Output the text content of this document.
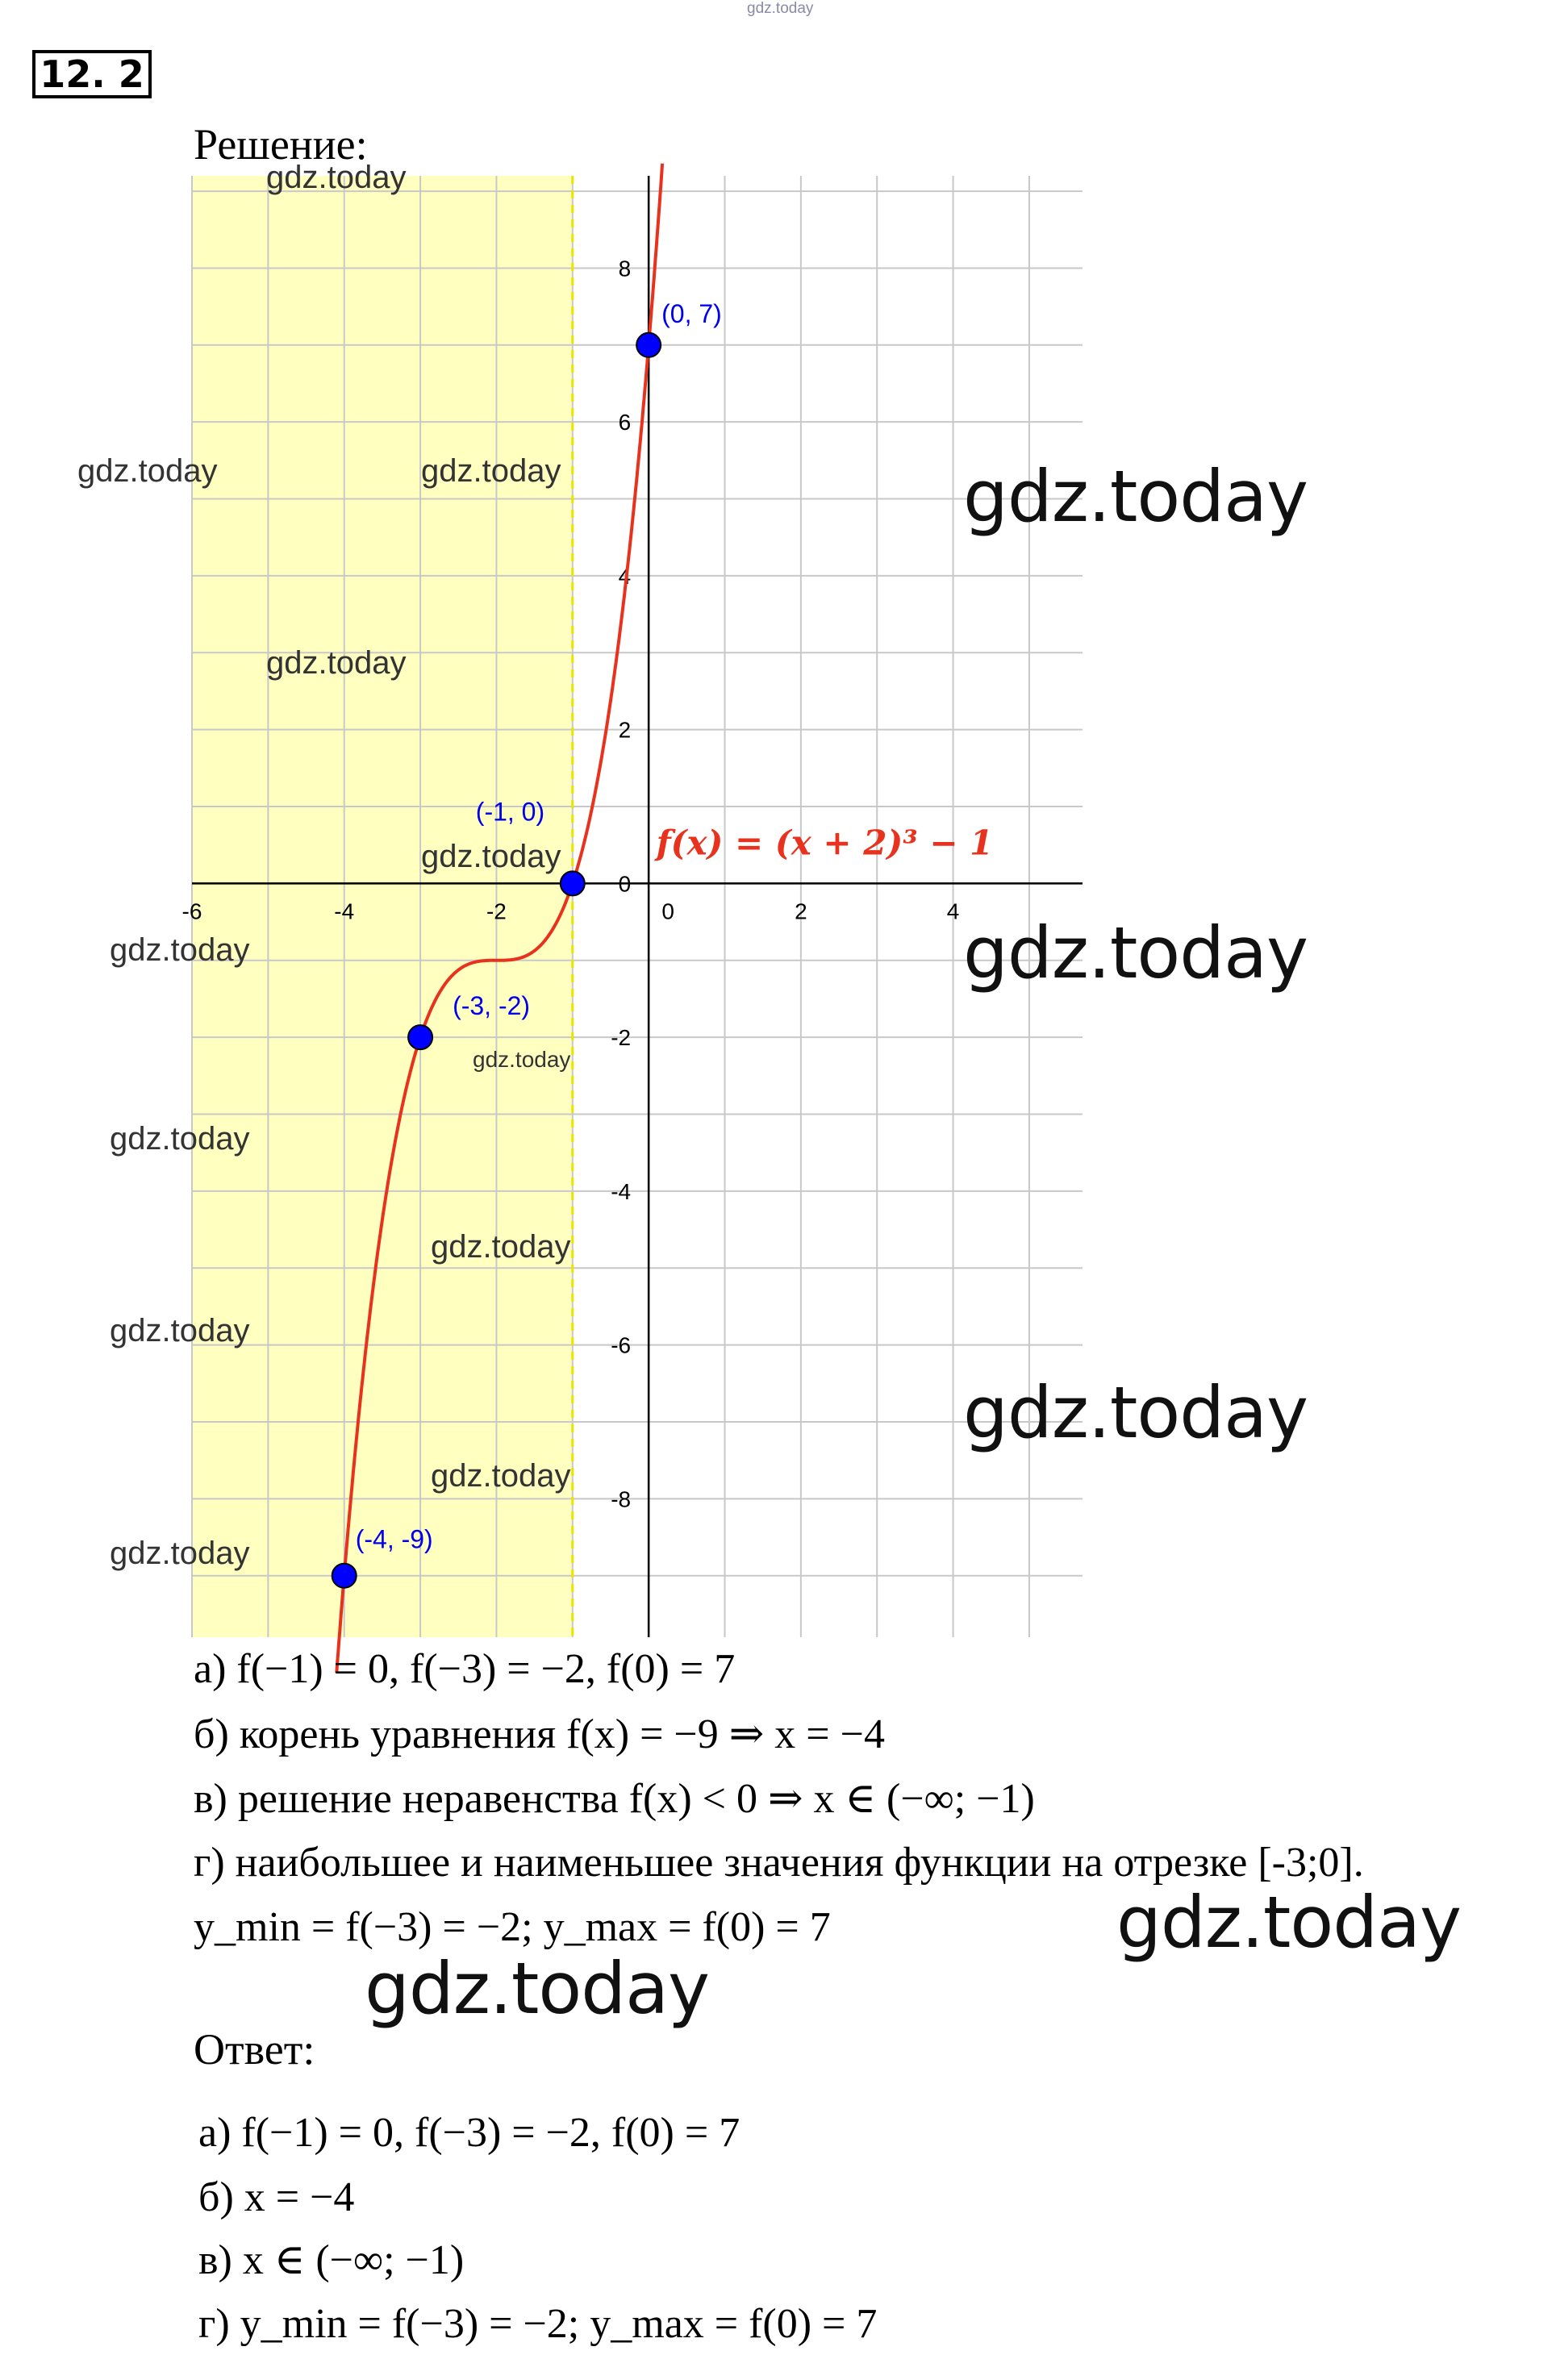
gdz.today
12. 2
Решение:
-6	-4	-2	2	4
8
6
4
2
0
-2
-4
-6
-8
0
(0, 7)
(-1, 0)
(-3, -2)
(-4, -9)
f(x) = (x + 2)³ − 1
а) f(−1) = 0, f(−3) = −2, f(0) = 7
б) корень уравнения f(x) = −9 ⇒ x = −4
в) решение неравенства f(x) < 0 ⇒ x ∈ (−∞; −1)
г) наибольшее и наименьшее значения функции на отрезке [-3;0].
y_min = f(−3) = −2; y_max = f(0) = 7
Ответ:
а) f(−1) = 0, f(−3) = −2, f(0) = 7
б) x = −4
в) x ∈ (−∞; −1)
г) y_min = f(−3) = −2; y_max = f(0) = 7
gdz.today
gdz.today	gdz.today
gdz.today
gdz.today
gdz.today
gdz.today
gdz.today
gdz.today
gdz.today
gdz.today
gdz.today
gdz.today
gdz.today
gdz.today
gdz.today
gdz.today
